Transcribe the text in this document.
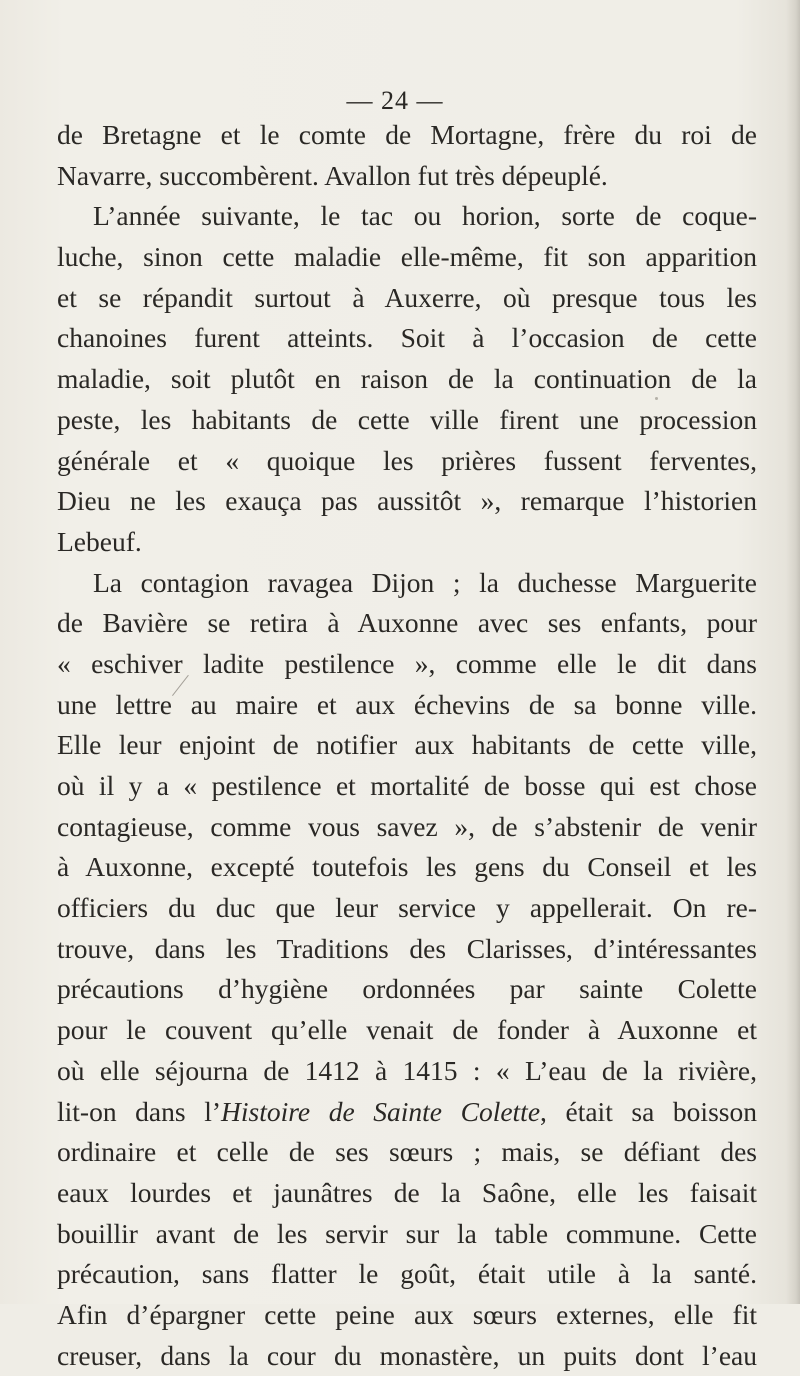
— 24 —
de Bretagne et le comte de Mortagne, frère du roi de
Navarre, succombèrent. Avallon fut très dépeuplé.
L’année suivante, le tac ou horion, sorte de coque-
luche, sinon cette maladie elle-même, fit son apparition
et se répandit surtout à Auxerre, où presque tous les
chanoines furent atteints. Soit à l’occasion de cette
maladie, soit plutôt en raison de la continuation de la
peste, les habitants de cette ville firent une procession
générale et « quoique les prières fussent ferventes,
Dieu ne les exauça pas aussitôt », remarque l’historien
Lebeuf.
La contagion ravagea Dijon ; la duchesse Marguerite
de Bavière se retira à Auxonne avec ses enfants, pour
« eschiver ladite pestilence », comme elle le dit dans
une lettre au maire et aux échevins de sa bonne ville.
Elle leur enjoint de notifier aux habitants de cette ville,
où il y a « pestilence et mortalité de bosse qui est chose
contagieuse, comme vous savez », de s’abstenir de venir
à Auxonne, excepté toutefois les gens du Conseil et les
officiers du duc que leur service y appellerait. On re-
trouve, dans les Traditions des Clarisses, d’intéressantes
précautions d’hygiène ordonnées par sainte Colette
pour le couvent qu’elle venait de fonder à Auxonne et
où elle séjourna de 1412 à 1415 : « L’eau de la rivière,
lit-on dans l’Histoire de Sainte Colette, était sa boisson
ordinaire et celle de ses sœurs ; mais, se défiant des
eaux lourdes et jaunâtres de la Saône, elle les faisait
bouillir avant de les servir sur la table commune. Cette
précaution, sans flatter le goût, était utile à la santé.
Afin d’épargner cette peine aux sœurs externes, elle fit
creuser, dans la cour du monastère, un puits dont l’eau
